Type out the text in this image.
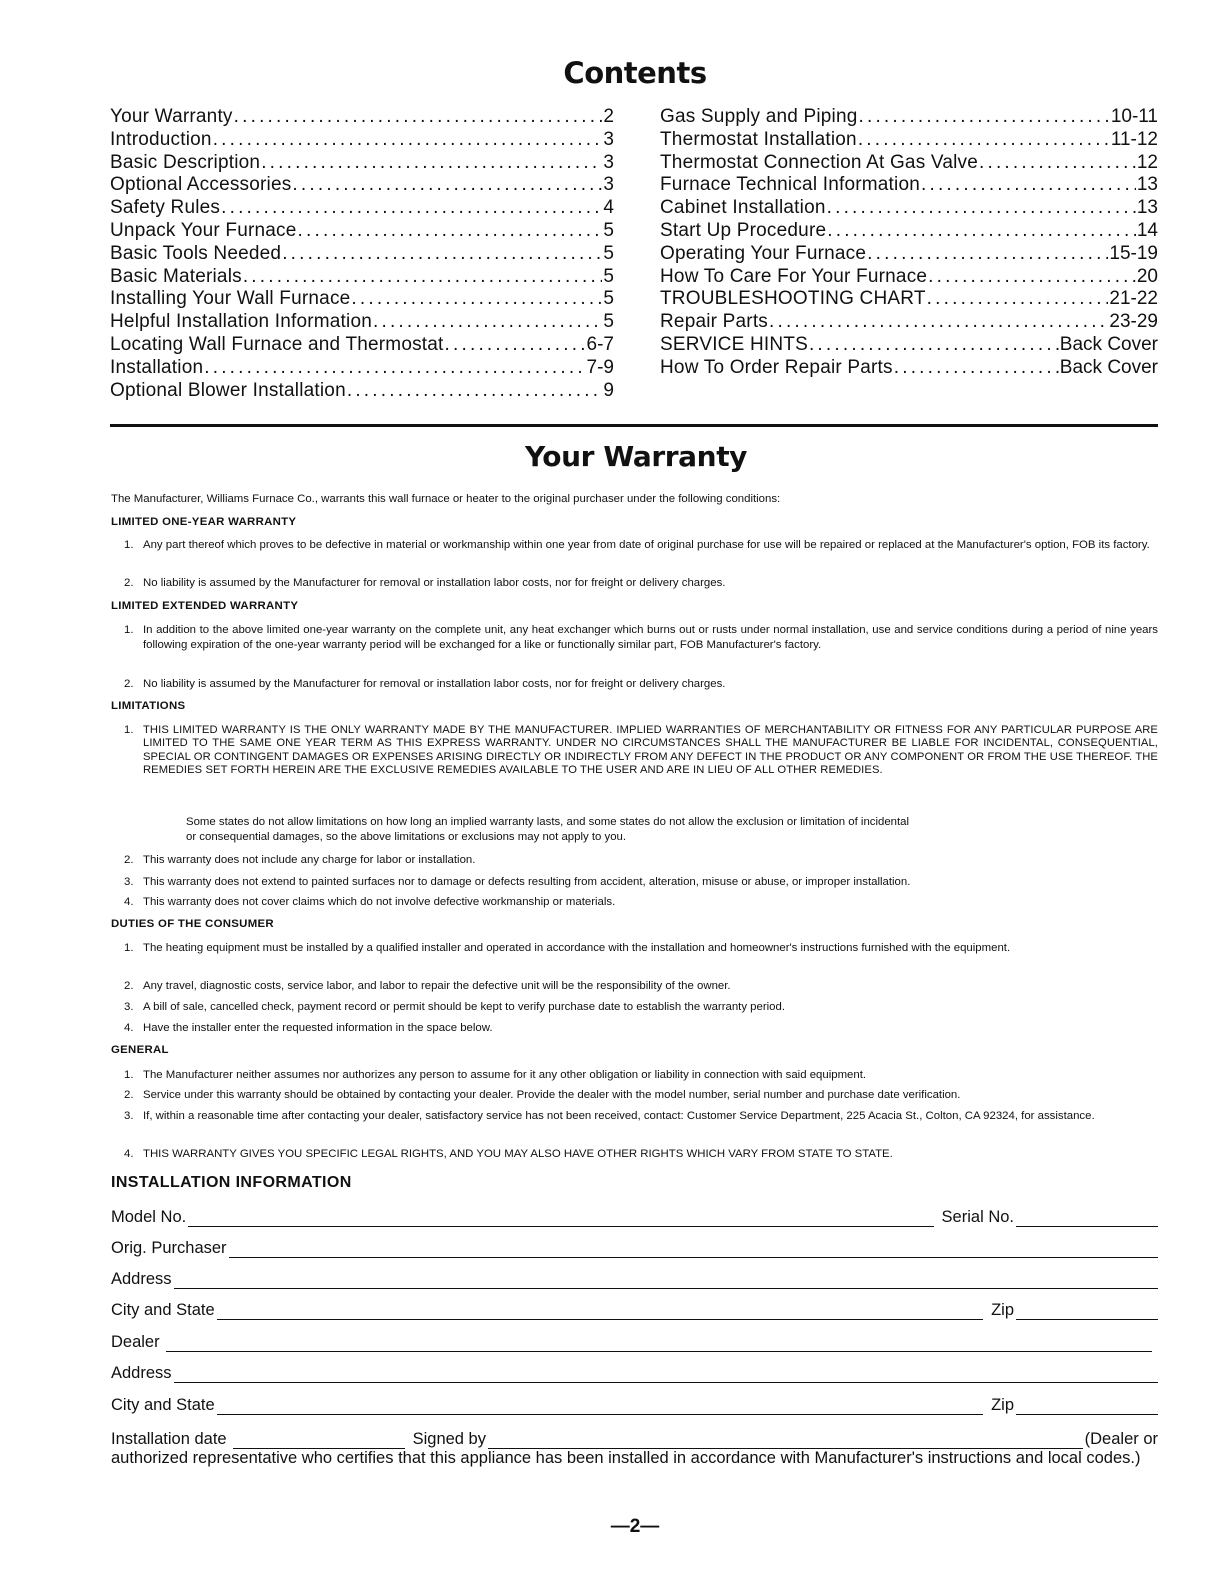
Contents
Your Warranty .....	2
Introduction .....	3
Basic Description .....	3
Optional Accessories .....	3
Safety Rules .....	4
Unpack Your Furnace .....	5
Basic Tools Needed .....	5
Basic Materials .....	5
Installing Your Wall Furnace .....	5
Helpful Installation Information .....	5
Locating Wall Furnace and Thermostat .....	6-7
Installation .....	7-9
Optional Blower Installation .....	9
Gas Supply and Piping .....	10-11
Thermostat Installation .....	11-12
Thermostat Connection At Gas Valve .....	12
Furnace Technical Information .....	13
Cabinet Installation .....	13
Start Up Procedure .....	14
Operating Your Furnace .....	15-19
How To Care For Your Furnace .....	20
TROUBLESHOOTING CHART .....	21-22
Repair Parts .....	23-29
SERVICE HINTS .....	Back Cover
How To Order Repair Parts .....	Back Cover
Your Warranty

The Manufacturer, Williams Furnace Co., warrants this wall furnace or heater to the original purchaser under the following conditions:

LIMITED ONE-YEAR WARRANTY

1. Any part thereof which proves to be defective in material or workmanship within one year from date of original purchase for use will be repaired or replaced at the Manufacturer's option, FOB its factory.

2. No liability is assumed by the Manufacturer for removal or installation labor costs, nor for freight or delivery charges.

LIMITED EXTENDED WARRANTY

1. In addition to the above limited one-year warranty on the complete unit, any heat exchanger which burns out or rusts under normal installation, use and service conditions during a period of nine years following expiration of the one-year warranty period will be exchanged for a like or functionally similar part, FOB Manufacturer's factory.

2. No liability is assumed by the Manufacturer for removal or installation labor costs, nor for freight or delivery charges.

LIMITATIONS

1. THIS LIMITED WARRANTY IS THE ONLY WARRANTY MADE BY THE MANUFACTURER. IMPLIED WARRANTIES OF MERCHANTABILITY OR FITNESS FOR ANY PARTICULAR PURPOSE ARE LIMITED TO THE SAME ONE YEAR TERM AS THIS EXPRESS WARRANTY. UNDER NO CIRCUMSTANCES SHALL THE MANUFACTURER BE LIABLE FOR INCIDENTAL, CONSEQUENTIAL, SPECIAL OR CONTINGENT DAMAGES OR EXPENSES ARISING DIRECTLY OR INDIRECTLY FROM ANY DEFECT IN THE PRODUCT OR ANY COMPONENT OR FROM THE USE THEREOF. THE REMEDIES SET FORTH HEREIN ARE THE EXCLUSIVE REMEDIES AVAILABLE TO THE USER AND ARE IN LIEU OF ALL OTHER REMEDIES.

Some states do not allow limitations on how long an implied warranty lasts, and some states do not allow the exclusion or limitation of incidental
or consequential damages, so the above limitations or exclusions may not apply to you.

2. This warranty does not include any charge for labor or installation.

3. This warranty does not extend to painted surfaces nor to damage or defects resulting from accident, alteration, misuse or abuse, or improper installation.

4. This warranty does not cover claims which do not involve defective workmanship or materials.

DUTIES OF THE CONSUMER

1. The heating equipment must be installed by a qualified installer and operated in accordance with the installation and homeowner's instructions furnished with the equipment.

2. Any travel, diagnostic costs, service labor, and labor to repair the defective unit will be the responsibility of the owner.

3. A bill of sale, cancelled check, payment record or permit should be kept to verify purchase date to establish the warranty period.

4. Have the installer enter the requested information in the space below.

GENERAL

1. The Manufacturer neither assumes nor authorizes any person to assume for it any other obligation or liability in connection with said equipment.

2. Service under this warranty should be obtained by contacting your dealer. Provide the dealer with the model number, serial number and purchase date verification.

3. If, within a reasonable time after contacting your dealer, satisfactory service has not been received, contact: Customer Service Department, 225 Acacia St., Colton, CA 92324, for assistance.

4. THIS WARRANTY GIVES YOU SPECIFIC LEGAL RIGHTS, AND YOU MAY ALSO HAVE OTHER RIGHTS WHICH VARY FROM STATE TO STATE.

INSTALLATION INFORMATION
Model No.	Serial No.
Orig. Purchaser
Address
City and State	Zip
Dealer
Address
City and State	Zip
Installation date	Signed by	(Dealer or

authorized representative who certifies that this appliance has been installed in accordance with Manufacturer's instructions and local codes.)

—2—
